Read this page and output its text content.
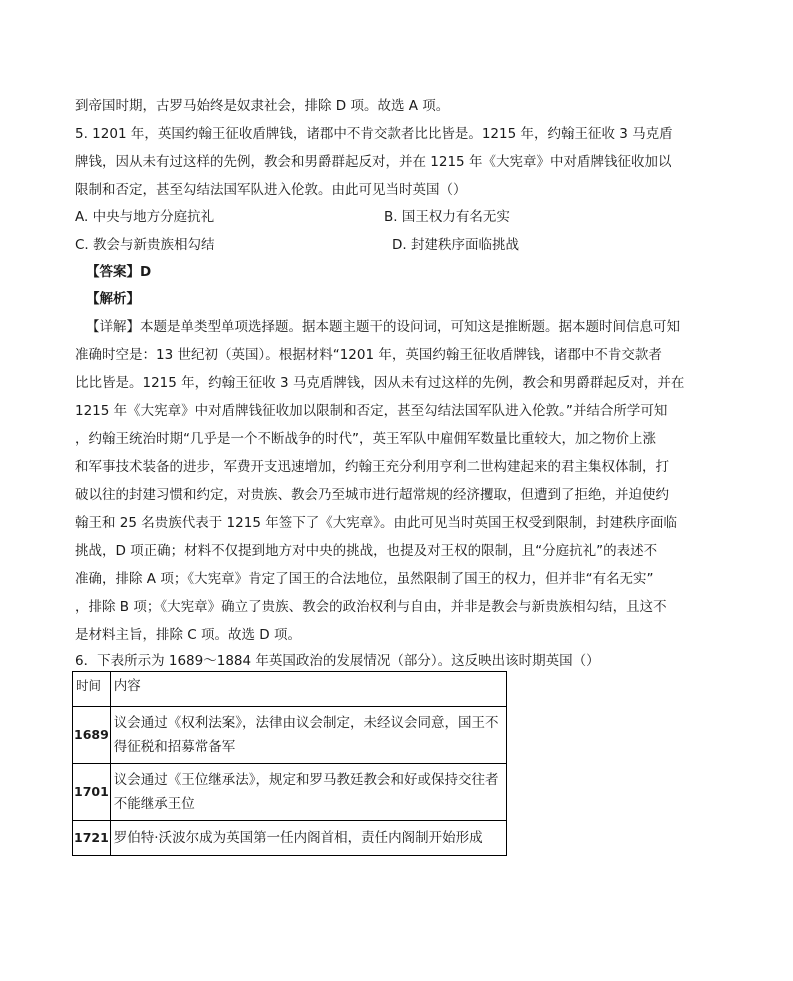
到帝国时期，古罗马始终是奴隶社会，排除 D 项。故选 A 项。
5. 1201 年，英国约翰王征收盾牌钱，诸郡中不肯交款者比比皆是。1215 年，约翰王征收 3 马克盾
牌钱，因从未有过这样的先例，教会和男爵群起反对，并在 1215 年《大宪章》中对盾牌钱征收加以
限制和否定，甚至勾结法国军队进入伦敦。由此可见当时英国（）
A. 中央与地方分庭抗礼	B. 国王权力有名无实
C. 教会与新贵族相勾结	D. 封建秩序面临挑战
【答案】D
【解析】
【详解】本题是单类型单项选择题。据本题主题干的设问词，可知这是推断题。据本题时间信息可知
准确时空是：13 世纪初（英国）。根据材料“1201 年，英国约翰王征收盾牌钱，诸郡中不肯交款者
比比皆是。1215 年，约翰王征收 3 马克盾牌钱，因从未有过这样的先例，教会和男爵群起反对，并在
1215 年《大宪章》中对盾牌钱征收加以限制和否定，甚至勾结法国军队进入伦敦。”并结合所学可知
，约翰王统治时期“几乎是一个不断战争的时代”，英王军队中雇佣军数量比重较大，加之物价上涨
和军事技术装备的进步，军费开支迅速增加，约翰王充分利用亨利二世构建起来的君主集权体制，打
破以往的封建习惯和约定，对贵族、教会乃至城市进行超常规的经济攫取，但遭到了拒绝，并迫使约
翰王和 25 名贵族代表于 1215 年签下了《大宪章》。由此可见当时英国王权受到限制，封建秩序面临
挑战，D 项正确；材料不仅提到地方对中央的挑战，也提及对王权的限制，且“分庭抗礼”的表述不
准确，排除 A 项；《大宪章》肯定了国王的合法地位，虽然限制了国王的权力，但并非“有名无实”
，排除 B 项；《大宪章》确立了贵族、教会的政治权利与自由，并非是教会与新贵族相勾结，且这不
是材料主旨，排除 C 项。故选 D 项。
6．下表所示为 1689～1884 年英国政治的发展情况（部分）。这反映出该时期英国（）
时间	内容
1689	议会通过《权利法案》，法律由议会制定，未经议会同意，国王不得征税和招募常备军
1701	议会通过《王位继承法》，规定和罗马教廷教会和好或保持交往者不能继承王位
1721	罗伯特·沃波尔成为英国第一任内阁首相，责任内阁制开始形成
